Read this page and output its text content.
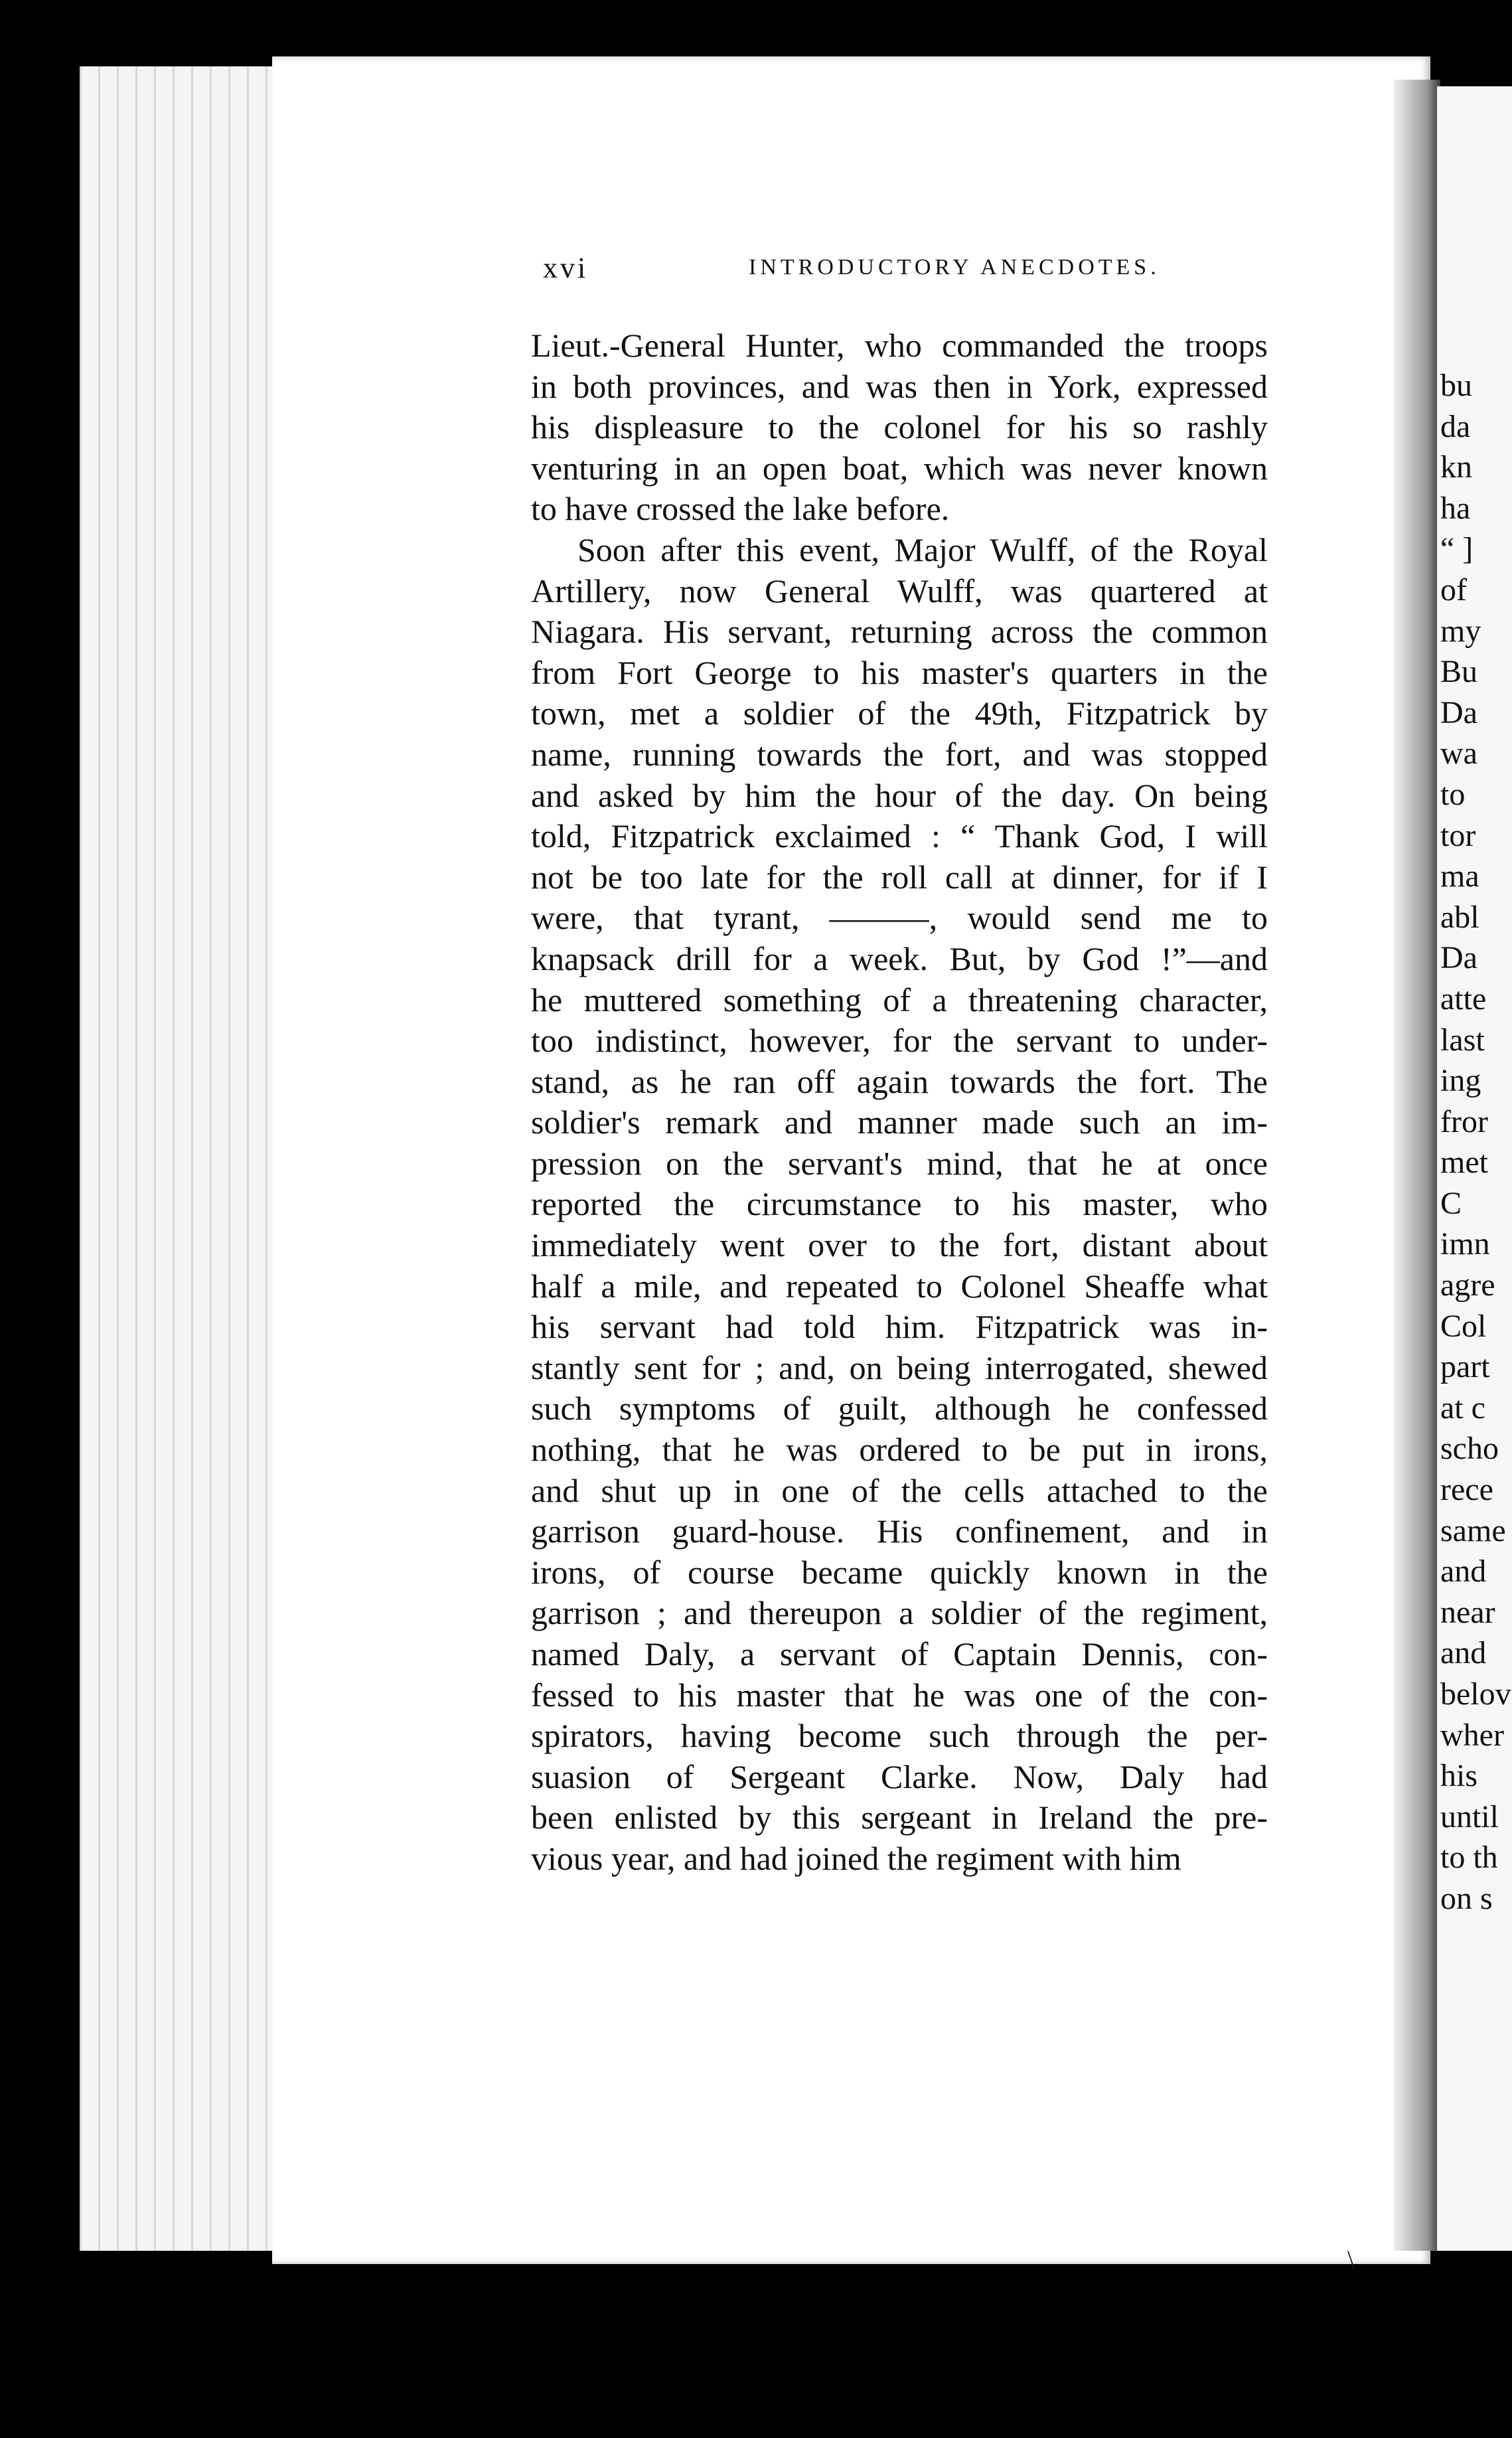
xvi	INTRODUCTORY ANECDOTES.
Lieut.-General Hunter, who commanded the troops
in both provinces, and was then in York, expressed
his displeasure to the colonel for his so rashly
venturing in an open boat, which was never known
to have crossed the lake before.
Soon after this event, Major Wulff, of the Royal
Artillery, now General Wulff, was quartered at
Niagara. His servant, returning across the common
from Fort George to his master's quarters in the
town, met a soldier of the 49th, Fitzpatrick by
name, running towards the fort, and was stopped
and asked by him the hour of the day. On being
told, Fitzpatrick exclaimed : “ Thank God, I will
not be too late for the roll call at dinner, for if I
were, that tyrant, ———, would send me to
knapsack drill for a week. But, by God !”—and
he muttered something of a threatening character,
too indistinct, however, for the servant to under-
stand, as he ran off again towards the fort. The
soldier's remark and manner made such an im-
pression on the servant's mind, that he at once
reported the circumstance to his master, who
immediately went over to the fort, distant about
half a mile, and repeated to Colonel Sheaffe what
his servant had told him. Fitzpatrick was in-
stantly sent for ; and, on being interrogated, shewed
such symptoms of guilt, although he confessed
nothing, that he was ordered to be put in irons,
and shut up in one of the cells attached to the
garrison guard-house. His confinement, and in
irons, of course became quickly known in the
garrison ; and thereupon a soldier of the regiment,
named Daly, a servant of Captain Dennis, con-
fessed to his master that he was one of the con-
spirators, having become such through the per-
suasion of Sergeant Clarke. Now, Daly had
been enlisted by this sergeant in Ireland the pre-
vious year, and had joined the regiment with him
bu
da
kn
ha
“ ]
of
my
Bu
Da
wa
to
tor
ma
abl
Da
atte
last
ing
fror
met
C
imn
agre
Col
part
at c
scho
rece
same
and
near
and
belov
wher
his
until
to th
on s
\
